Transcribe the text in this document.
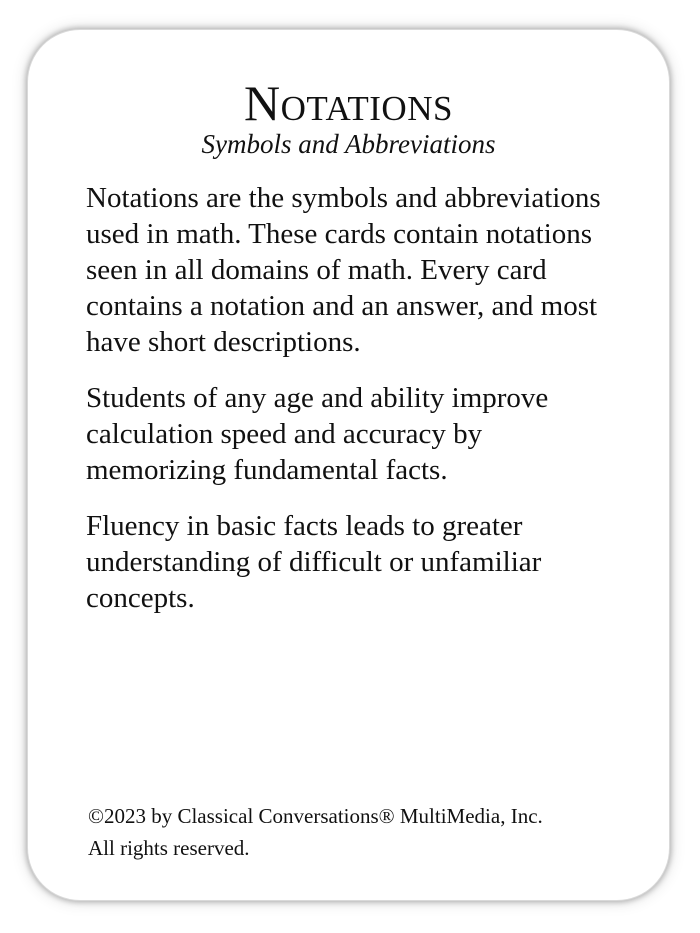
Notations

Symbols and Abbreviations

Notations are the symbols and abbreviations used in math. These cards contain notations seen in all domains of math. Every card contains a notation and an answer, and most have short descriptions.

Students of any age and ability improve calculation speed and accuracy by memorizing fundamental facts.

Fluency in basic facts leads to greater understanding of difficult or unfamiliar concepts.

©2023 by Classical Conversations® MultiMedia, Inc.

All rights reserved.
